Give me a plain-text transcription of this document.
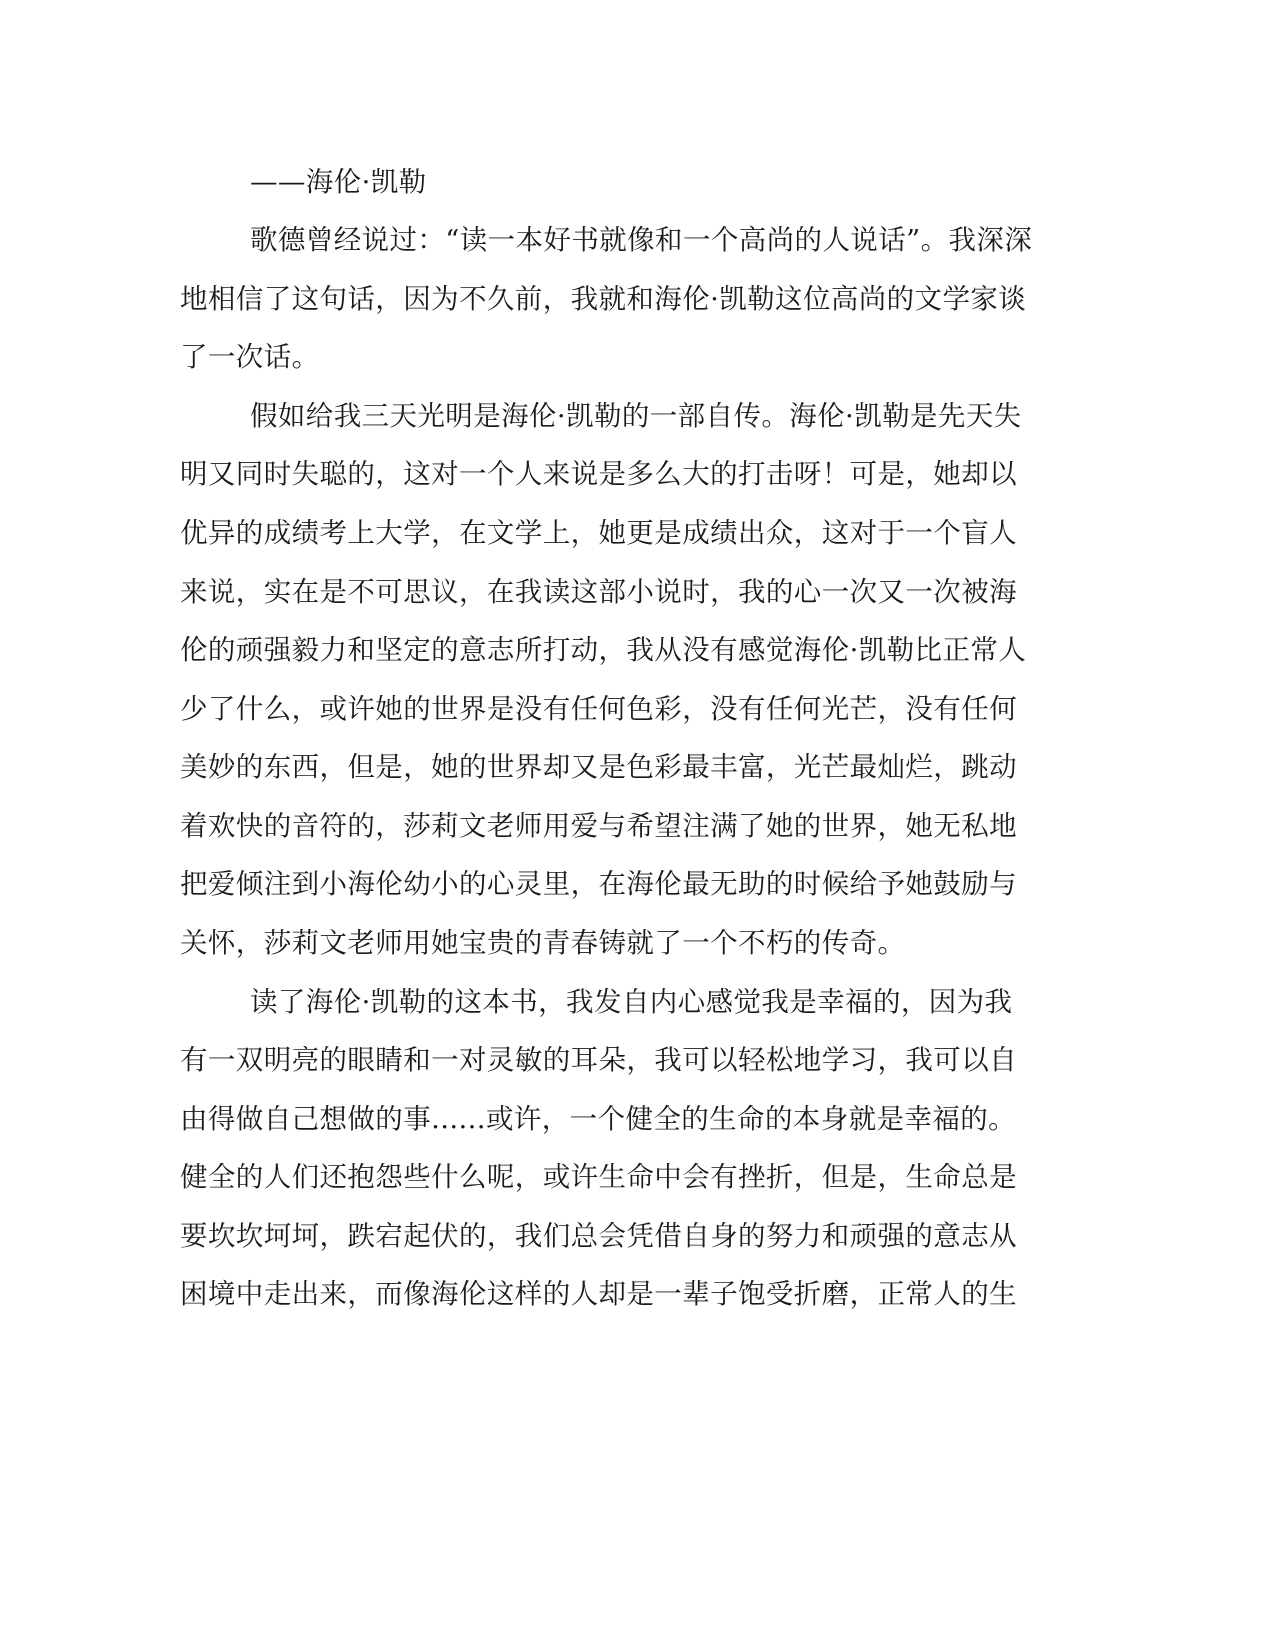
——海伦·凯勒

歌德曾经说过：“读一本好书就像和一个高尚的人说话”。我深深

地相信了这句话，因为不久前，我就和海伦·凯勒这位高尚的文学家谈

了一次话。

假如给我三天光明是海伦·凯勒的一部自传。海伦·凯勒是先天失

明又同时失聪的，这对一个人来说是多么大的打击呀！可是，她却以

优异的成绩考上大学，在文学上，她更是成绩出众，这对于一个盲人

来说，实在是不可思议，在我读这部小说时，我的心一次又一次被海

伦的顽强毅力和坚定的意志所打动，我从没有感觉海伦·凯勒比正常人

少了什么，或许她的世界是没有任何色彩，没有任何光芒，没有任何

美妙的东西，但是，她的世界却又是色彩最丰富，光芒最灿烂，跳动

着欢快的音符的，莎莉文老师用爱与希望注满了她的世界，她无私地

把爱倾注到小海伦幼小的心灵里，在海伦最无助的时候给予她鼓励与

关怀，莎莉文老师用她宝贵的青春铸就了一个不朽的传奇。

读了海伦·凯勒的这本书，我发自内心感觉我是幸福的，因为我

有一双明亮的眼睛和一对灵敏的耳朵，我可以轻松地学习，我可以自

由得做自己想做的事......或许，一个健全的生命的本身就是幸福的。

健全的人们还抱怨些什么呢，或许生命中会有挫折，但是，生命总是

要坎坎坷坷，跌宕起伏的，我们总会凭借自身的努力和顽强的意志从

困境中走出来，而像海伦这样的人却是一辈子饱受折磨，正常人的生
